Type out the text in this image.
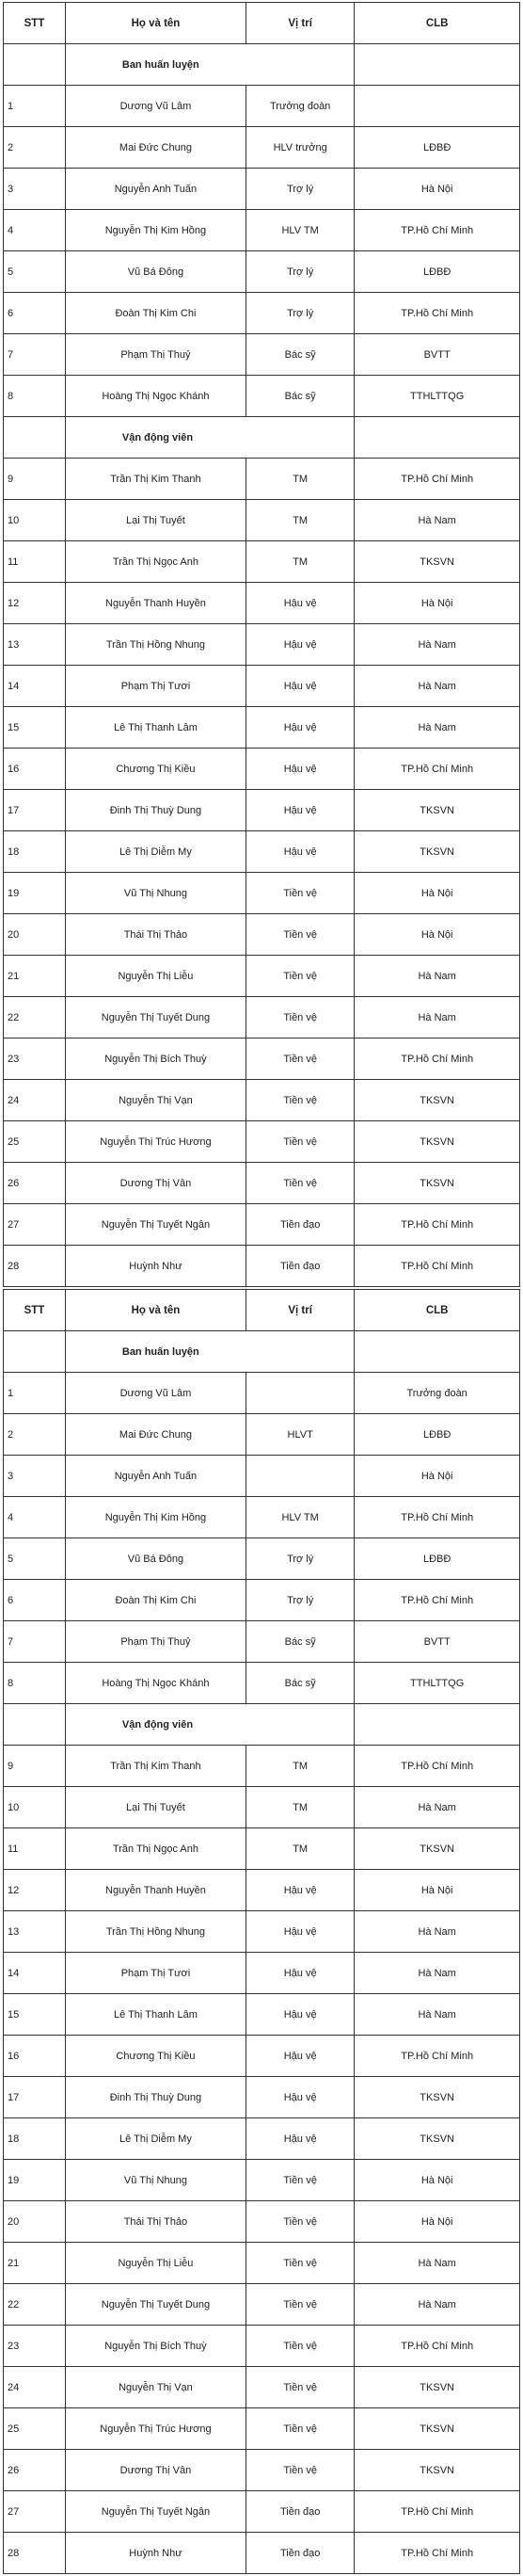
STT	Họ và tên	Vị trí	CLB
	Ban huấn luyện		
1	Dương Vũ Lâm	Trưởng đoàn	
2	Mai Đức Chung	HLV trưởng	LĐBĐ
3	Nguyễn Anh Tuấn	Trợ lý	Hà Nội
4	Nguyễn Thị Kim Hồng	HLV TM	TP.Hồ Chí Minh
5	Vũ Bá Đông	Trợ lý	LĐBĐ
6	Đoàn Thị Kim Chi	Trợ lý	TP.Hồ Chí Minh
7	Phạm Thị Thuỷ	Bác sỹ	BVTT
8	Hoàng Thị Ngọc Khánh	Bác sỹ	TTHLTTQG
	Vận động viên		
9	Trần Thị Kim Thanh	TM	TP.Hồ Chí Minh
10	Lại Thị Tuyết	TM	Hà Nam
11	Trần Thị Ngọc Anh	TM	TKSVN
12	Nguyễn Thanh Huyền	Hậu vệ	Hà Nội
13	Trần Thị Hồng Nhung	Hậu vệ	Hà Nam
14	Phạm Thị Tươi	Hậu vệ	Hà Nam
15	Lê Thị Thanh Lâm	Hậu vệ	Hà Nam
16	Chương Thị Kiều	Hậu vệ	TP.Hồ Chí Minh
17	Đinh Thị Thuỳ Dung	Hậu vệ	TKSVN
18	Lê Thị Diễm My	Hậu vệ	TKSVN
19	Vũ Thị Nhung	Tiền vệ	Hà Nội
20	Thái Thị Thảo	Tiền vệ	Hà Nội
21	Nguyễn Thị Liễu	Tiền vệ	Hà Nam
22	Nguyễn Thị Tuyết Dung	Tiền vệ	Hà Nam
23	Nguyễn Thị Bích Thuỳ	Tiền vệ	TP.Hồ Chí Minh
24	Nguyễn Thị Vạn	Tiền vệ	TKSVN
25	Nguyễn Thị Trúc Hương	Tiền vệ	TKSVN
26	Dương Thị Vân	Tiền vệ	TKSVN
27	Nguyễn Thị Tuyết Ngân	Tiền đạo	TP.Hồ Chí Minh
28	Huỳnh Như	Tiền đạo	TP.Hồ Chí Minh
STT	Họ và tên	Vị trí	CLB
	Ban huấn luyện		
1	Dương Vũ Lâm		Trưởng đoàn
2	Mai Đức Chung	HLVT	LĐBĐ
3	Nguyễn Anh Tuấn		Hà Nội
4	Nguyễn Thị Kim Hồng	HLV TM	TP.Hồ Chí Minh
5	Vũ Bá Đông	Trợ lý	LĐBĐ
6	Đoàn Thị Kim Chi	Trợ lý	TP.Hồ Chí Minh
7	Phạm Thị Thuỷ	Bác sỹ	BVTT
8	Hoàng Thị Ngọc Khánh	Bác sỹ	TTHLTTQG
	Vận động viên		
9	Trần Thị Kim Thanh	TM	TP.Hồ Chí Minh
10	Lại Thị Tuyết	TM	Hà Nam
11	Trần Thị Ngọc Anh	TM	TKSVN
12	Nguyễn Thanh Huyền	Hậu vệ	Hà Nội
13	Trần Thị Hồng Nhung	Hậu vệ	Hà Nam
14	Phạm Thị Tươi	Hậu vệ	Hà Nam
15	Lê Thị Thanh Lâm	Hậu vệ	Hà Nam
16	Chương Thị Kiều	Hậu vệ	TP.Hồ Chí Minh
17	Đinh Thị Thuỳ Dung	Hậu vệ	TKSVN
18	Lê Thị Diễm My	Hậu vệ	TKSVN
19	Vũ Thị Nhung	Tiền vệ	Hà Nội
20	Thái Thị Thảo	Tiền vệ	Hà Nội
21	Nguyễn Thị Liễu	Tiền vệ	Hà Nam
22	Nguyễn Thị Tuyết Dung	Tiền vệ	Hà Nam
23	Nguyễn Thị Bích Thuỳ	Tiền vệ	TP.Hồ Chí Minh
24	Nguyễn Thị Vạn	Tiền vệ	TKSVN
25	Nguyễn Thị Trúc Hương	Tiền vệ	TKSVN
26	Dương Thị Vân	Tiền vệ	TKSVN
27	Nguyễn Thị Tuyết Ngân	Tiền đạo	TP.Hồ Chí Minh
28	Huỳnh Như	Tiền đạo	TP.Hồ Chí Minh
